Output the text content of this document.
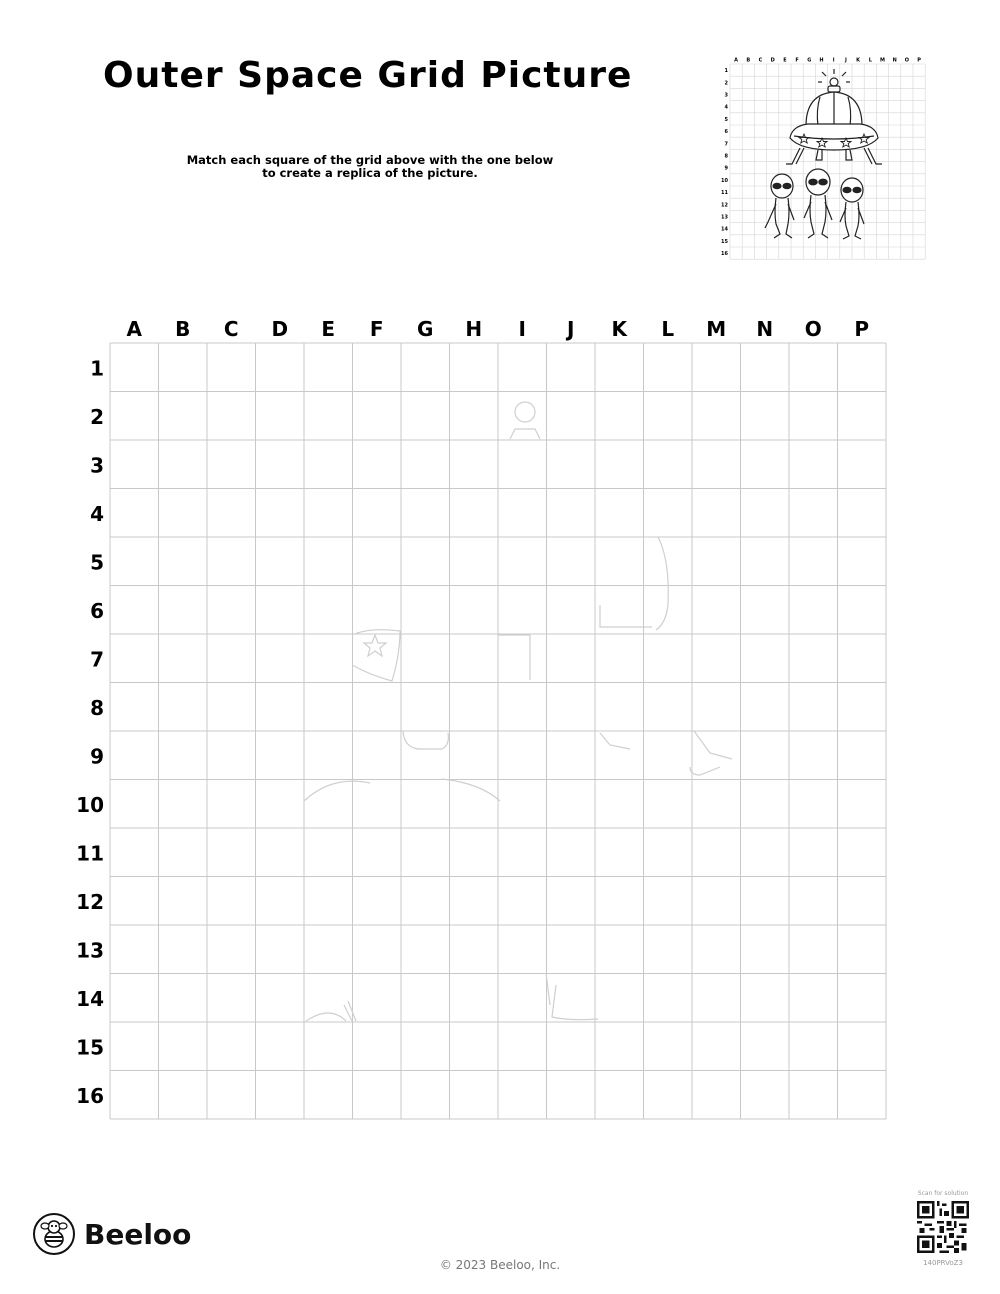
Outer Space Grid Picture
Match each square of the grid above with the one below
to create a replica of the picture.
A B C D E F G H I J K L M N O P
1
2
3
4
5
6
7
8
9
10
11
12
13
14
15
16
A B C D E F G H I J K L M N O P
1
2
3
4
5
6
7
8
9
10
11
12
13
14
15
16
Beeloo
© 2023 Beeloo, Inc.
Scan for solution
140PRVoZ3
